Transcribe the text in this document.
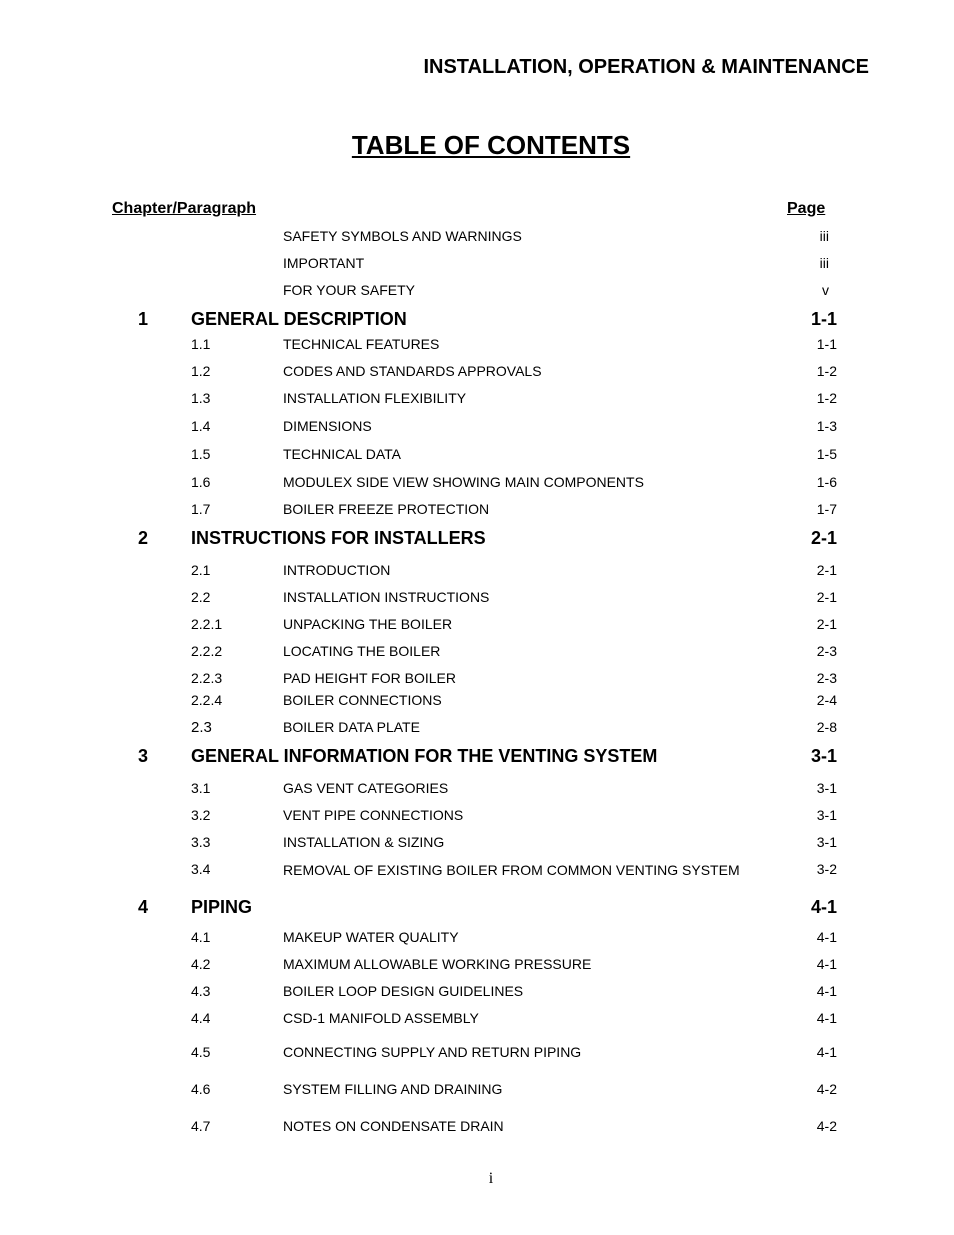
INSTALLATION, OPERATION & MAINTENANCE
TABLE OF CONTENTS
Chapter/Paragraph	Page
SAFETY SYMBOLS AND WARNINGS	iii
IMPORTANT	iii
FOR YOUR SAFETY	v
1 GENERAL DESCRIPTION	1-1
1.1	TECHNICAL FEATURES	1-1
1.2	CODES AND STANDARDS APPROVALS	1-2
1.3	INSTALLATION FLEXIBILITY	1-2
1.4	DIMENSIONS	1-3
1.5	TECHNICAL DATA	1-5
1.6	MODULEX SIDE VIEW SHOWING MAIN COMPONENTS	1-6
1.7	BOILER FREEZE PROTECTION	1-7
2 INSTRUCTIONS FOR INSTALLERS	2-1
2.1	INTRODUCTION	2-1
2.2	INSTALLATION INSTRUCTIONS	2-1
2.2.1	UNPACKING THE BOILER	2-1
2.2.2	LOCATING THE BOILER	2-3
2.2.3	PAD HEIGHT FOR BOILER	2-3
2.2.4	BOILER CONNECTIONS	2-4
2.3	BOILER DATA PLATE	2-8
3 GENERAL INFORMATION FOR THE VENTING SYSTEM	3-1
3.1	GAS VENT CATEGORIES	3-1
3.2	VENT PIPE CONNECTIONS	3-1
3.3	INSTALLATION & SIZING	3-1
3.4	REMOVAL OF EXISTING BOILER FROM COMMON VENTING SYSTEM	3-2
4 PIPING	4-1
4.1	MAKEUP WATER QUALITY	4-1
4.2	MAXIMUM ALLOWABLE WORKING PRESSURE	4-1
4.3	BOILER LOOP DESIGN GUIDELINES	4-1
4.4	CSD-1 MANIFOLD ASSEMBLY	4-1
4.5	CONNECTING SUPPLY AND RETURN PIPING	4-1
4.6	SYSTEM FILLING AND DRAINING	4-2
4.7	NOTES ON CONDENSATE DRAIN	4-2
i
